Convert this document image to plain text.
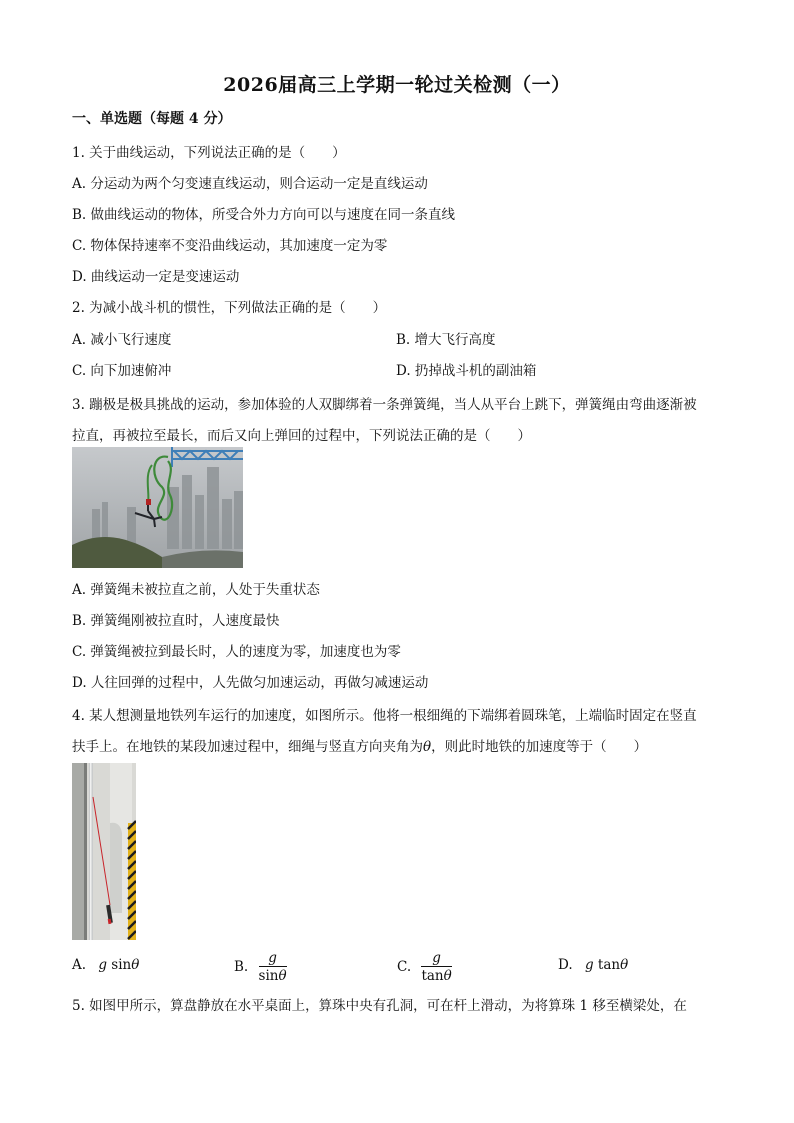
2026届高三上学期一轮过关检测（一）
一、单选题（每题 4 分）
1. 关于曲线运动，下列说法正确的是（　　）
A. 分运动为两个匀变速直线运动，则合运动一定是直线运动
B. 做曲线运动的物体，所受合外力方向可以与速度在同一条直线
C. 物体保持速率不变沿曲线运动，其加速度一定为零
D. 曲线运动一定是变速运动
2. 为减小战斗机的惯性，下列做法正确的是（　　）
A. 减小飞行速度	B. 增大飞行高度
C. 向下加速俯冲	D. 扔掉战斗机的副油箱
3. 蹦极是极具挑战的运动，参加体验的人双脚绑着一条弹簧绳，当人从平台上跳下，弹簧绳由弯曲逐渐被
拉直，再被拉至最长，而后又向上弹回的过程中，下列说法正确的是（　　）
A. 弹簧绳未被拉直之前，人处于失重状态
B. 弹簧绳刚被拉直时，人速度最快
C. 弹簧绳被拉到最长时，人的速度为零，加速度也为零
D. 人往回弹的过程中，人先做匀加速运动，再做匀减速运动
4. 某人想测量地铁列车运行的加速度，如图所示。他将一根细绳的下端绑着圆珠笔，上端临时固定在竖直
扶手上。在地铁的某段加速过程中，细绳与竖直方向夹角为θ，则此时地铁的加速度等于（　　）
A. g sinθ	B. $\frac{g}{\sin\theta}$	C. $\frac{g}{\tan\theta}$	D. g tanθ
5. 如图甲所示，算盘静放在水平桌面上，算珠中央有孔洞，可在杆上滑动，为将算珠 1 移至横梁处，在
